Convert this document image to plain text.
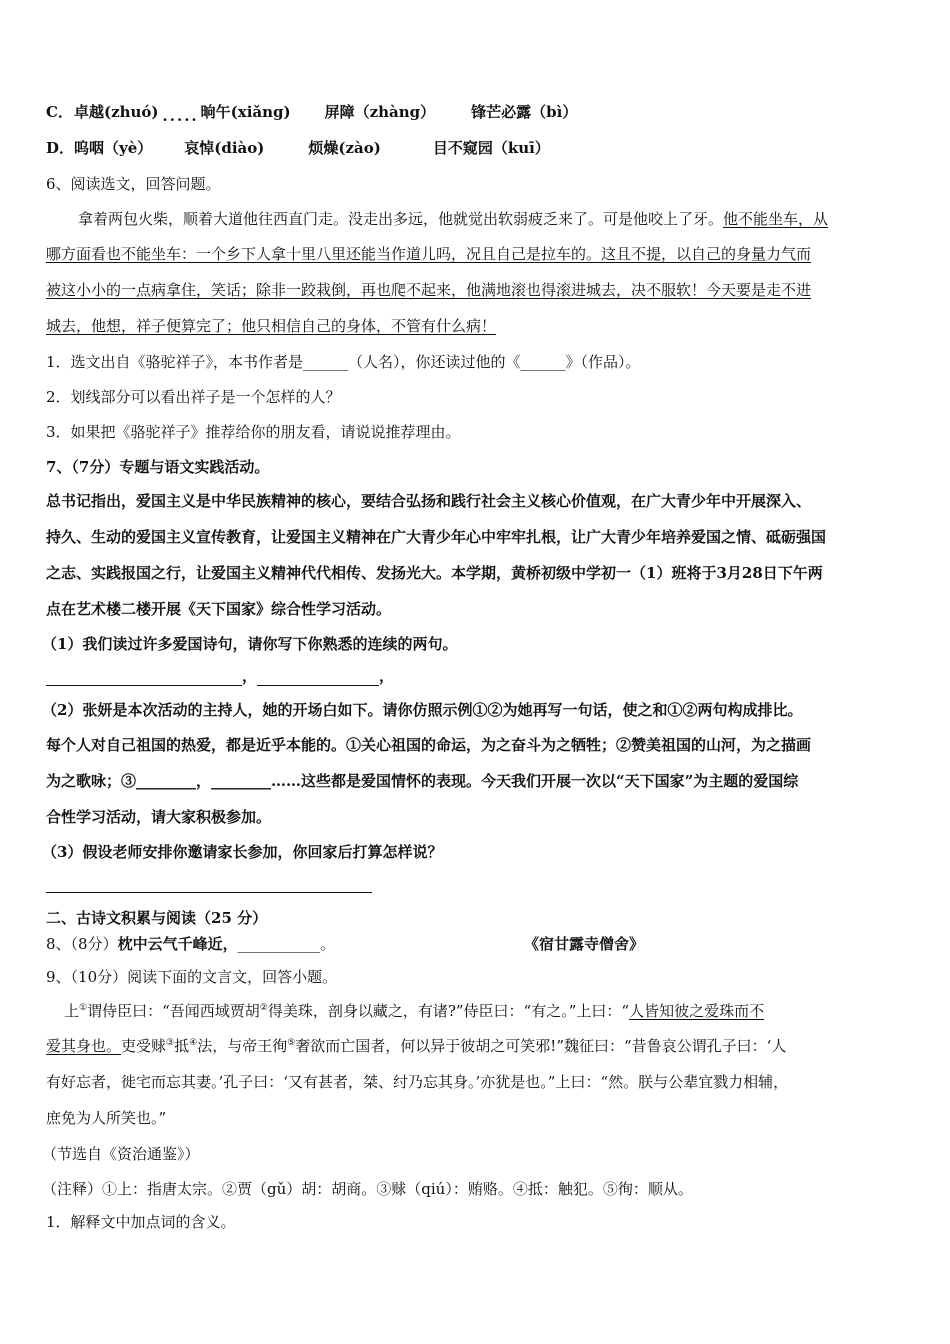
C． 卓越(zhuó) ..... 晌午(xiǎng) 屏障（zhàng） 锋芒必露（bì）
D． 呜咽（yè） 哀悼(diào)	烦燥(zào)	目不窥园（kuī）
6、阅读选文，回答问题。
拿着两包火柴，顺着大道他往西直门走。没走出多远，他就觉出软弱疲乏来了。可是他咬上了牙。他不能坐车，从
哪方面看也不能坐车：一个乡下人拿十里八里还能当作道儿吗，况且自己是拉车的。这且不提，以自己的身量力气而
被这小小的一点病拿住，笑话；除非一跤栽倒，再也爬不起来，他满地滚也得滚进城去，决不服软！今天要是走不进
城去，他想，祥子便算完了；他只相信自己的身体，不管有什么病！
1．选文出自《骆驼祥子》，本书作者是______（人名），你还读过他的《______》（作品）。
2．划线部分可以看出祥子是一个怎样的人？
3．如果把《骆驼祥子》推荐给你的朋友看，请说说推荐理由。
7、（7分）专题与语文实践活动。
总书记指出，爱国主义是中华民族精神的核心，要结合弘扬和践行社会主义核心价值观，在广大青少年中开展深入、
持久、生动的爱国主义宣传教育，让爱国主义精神在广大青少年心中牢牢扎根，让广大青少年培养爱国之情、砥砺强国
之志、实践报国之行，让爱国主义精神代代相传、发扬光大。本学期，黄桥初级中学初一（1）班将于3月28日下午两
点在艺术楼二楼开展《天下国家》综合性学习活动。
（1）我们读过许多爱国诗句，请你写下你熟悉的连续的两句。
，	，
（2）张妍是本次活动的主持人，她的开场白如下。请你仿照示例①②为她再写一句话，使之和①②两句构成排比。
每个人对自己祖国的热爱，都是近乎本能的。①关心祖国的命运，为之奋斗为之牺牲；②赞美祖国的山河，为之描画
为之歌咏；③________，________……这些都是爱国情怀的表现。今天我们开展一次以“天下国家”为主题的爱国综
合性学习活动，请大家积极参加。
（3）假设老师安排你邀请家长参加，你回家后打算怎样说？
二、古诗文积累与阅读（25 分）
8、（8分）枕中云气千峰近，___________。	《宿甘露寺僧舍》
9、（10分）阅读下面的文言文，回答小题。
上①谓侍臣曰：“吾闻西域贾胡②得美珠，剖身以藏之，有诸?”侍臣曰：“有之。”上曰：“人皆知彼之爱珠而不
爱其身也。吏受赇③抵④法，与帝王徇⑤奢欲而亡国者，何以异于彼胡之可笑邪!”魏征曰：“昔鲁哀公谓孔子曰：‘人
有好忘者，徙宅而忘其妻。’孔子曰：‘又有甚者，桀、纣乃忘其身。’亦犹是也。”上曰：“然。朕与公辈宜戮力相辅，
庶免为人所笑也。”
（节选自《资治通鉴》）
（注释）①上：指唐太宗。②贾（gǔ）胡：胡商。③赇（qiú）：贿赂。④抵：触犯。⑤徇：顺从。
1．解释文中加点词的含义。
